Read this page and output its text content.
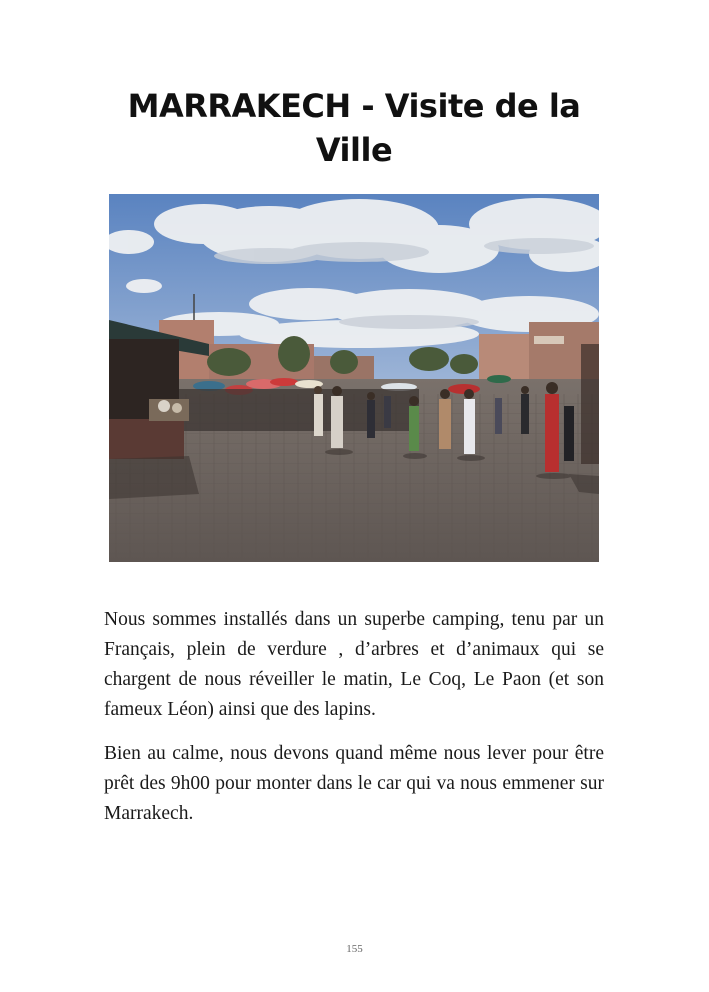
MARRAKECH - Visite de la Ville

Nous sommes installés dans un superbe camping, tenu par un Français, plein de verdure , d’arbres et d’animaux qui se chargent de nous réveiller le matin, Le Coq, Le Paon (et son fameux Léon) ainsi que des lapins.

Bien au calme, nous devons quand même nous lever pour être prêt des 9h00 pour monter dans le car qui va nous emmener sur Marrakech.

155
